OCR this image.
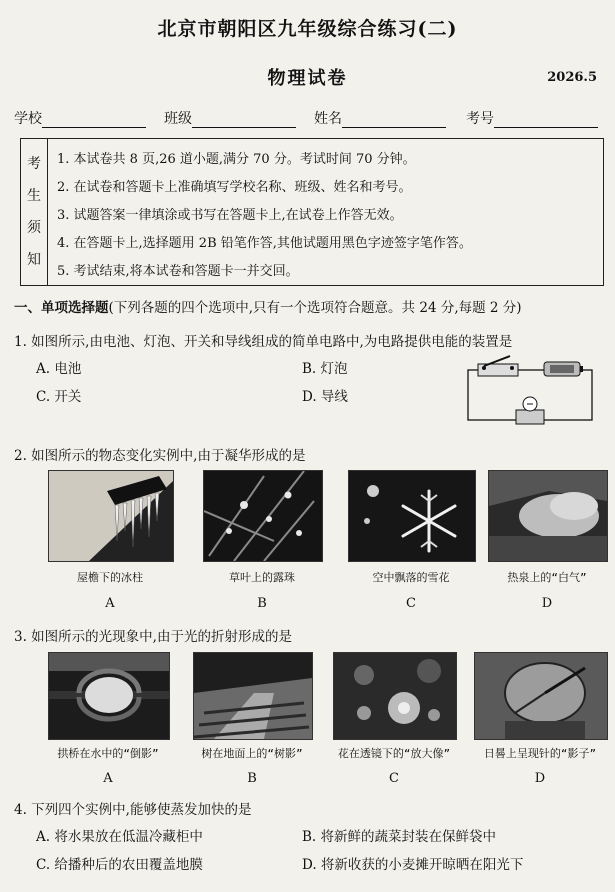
北京市朝阳区九年级综合练习(二)
物理试卷	2026.5
学校	班级	姓名	考号
考
生
须
知
1. 本试卷共 8 页,26 道小题,满分 70 分。考试时间 70 分钟。
2. 在试卷和答题卡上准确填写学校名称、班级、姓名和考号。
3. 试题答案一律填涂或书写在答题卡上,在试卷上作答无效。
4. 在答题卡上,选择题用 2B 铅笔作答,其他试题用黑色字迹签字笔作答。
5. 考试结束,将本试卷和答题卡一并交回。
一、单项选择题(下列各题的四个选项中,只有一个选项符合题意。共 24 分,每题 2 分)
1. 如图所示,由电池、灯泡、开关和导线组成的简单电路中,为电路提供电能的装置是
A. 电池	B. 灯泡
C. 开关	D. 导线
2. 如图所示的物态变化实例中,由于凝华形成的是
屋檐下的冰柱	草叶上的露珠	空中飘落的雪花	热泉上的“白气”
A	B	C	D
3. 如图所示的光现象中,由于光的折射形成的是
拱桥在水中的“倒影”	树在地面上的“树影”	花在透镜下的“放大像”	日晷上呈现针的“影子”
A	B	C	D
4. 下列四个实例中,能够使蒸发加快的是
A. 将水果放在低温冷藏柜中	B. 将新鲜的蔬菜封装在保鲜袋中
C. 给播种后的农田覆盖地膜	D. 将新收获的小麦摊开晾晒在阳光下
